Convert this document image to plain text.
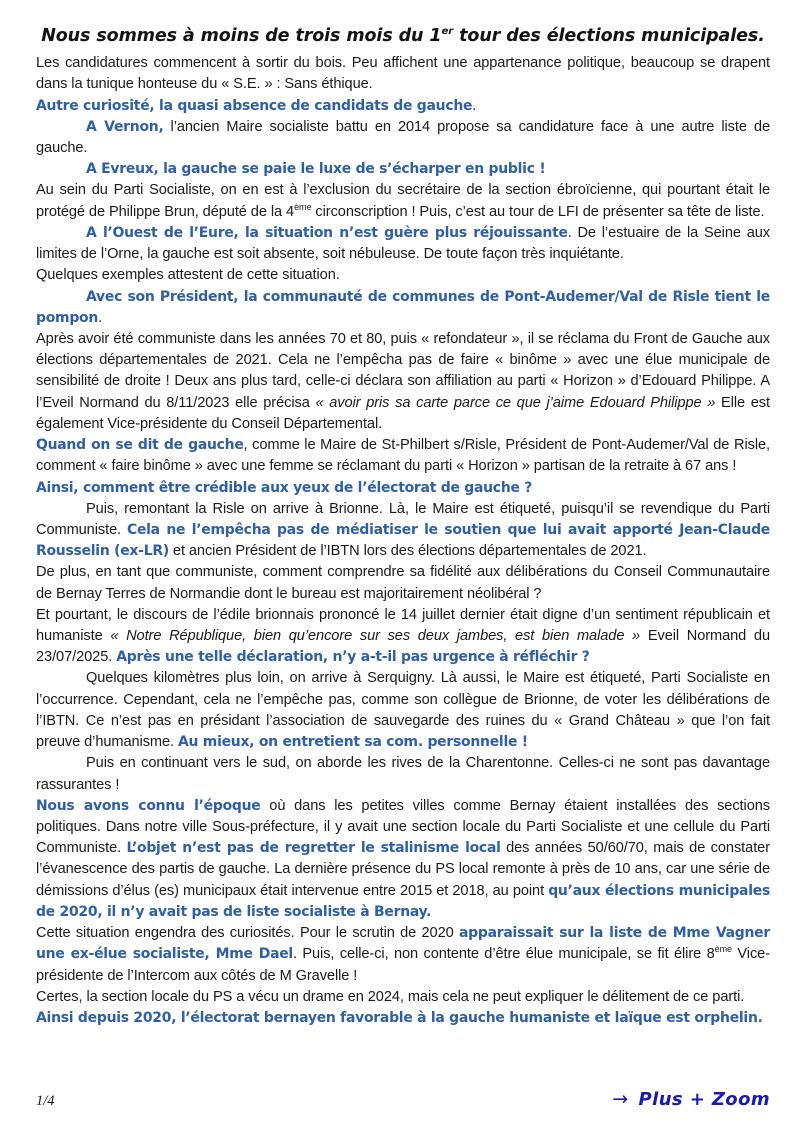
Nous sommes à moins de trois mois du 1er tour des élections municipales.

Les candidatures commencent à sortir du bois. Peu affichent une appartenance politique, beaucoup se drapent dans la tunique honteuse du « S.E. » : Sans éthique.

Autre curiosité, la quasi absence de candidats de gauche.

A Vernon, l’ancien Maire socialiste battu en 2014 propose sa candidature face à une autre liste de gauche.

A Evreux, la gauche se paie le luxe de s’écharper en public !

Au sein du Parti Socialiste, on en est à l’exclusion du secrétaire de la section ébroïcienne, qui pourtant était le protégé de Philippe Brun, député de la 4ème circonscription ! Puis, c’est au tour de LFI de présenter sa tête de liste.

A l’Ouest de l’Eure, la situation n’est guère plus réjouissante. De l’estuaire de la Seine aux limites de l’Orne, la gauche est soit absente, soit nébuleuse. De toute façon très inquiétante.

Quelques exemples attestent de cette situation.

Avec son Président, la communauté de communes de Pont-Audemer/Val de Risle tient le pompon.

Après avoir été communiste dans les années 70 et 80, puis « refondateur », il se réclama du Front de Gauche aux élections départementales de 2021. Cela ne l’empêcha pas de faire « binôme » avec une élue municipale de sensibilité de droite ! Deux ans plus tard, celle-ci déclara son affiliation au parti « Horizon » d’Edouard Philippe. A l’Eveil Normand du 8/11/2023 elle précisa « avoir pris sa carte parce ce que j’aime Edouard Philippe » Elle est également Vice-présidente du Conseil Départemental.

Quand on se dit de gauche, comme le Maire de St-Philbert s/Risle, Président de Pont-Audemer/Val de Risle, comment « faire binôme » avec une femme se réclamant du parti « Horizon » partisan de la retraite à 67 ans !

Ainsi, comment être crédible aux yeux de l’électorat de gauche ?

Puis, remontant la Risle on arrive à Brionne. Là, le Maire est étiqueté, puisqu’il se revendique du Parti Communiste. Cela ne l’empêcha pas de médiatiser le soutien que lui avait apporté Jean-Claude Rousselin (ex-LR) et ancien Président de l’IBTN lors des élections départementales de 2021.

De plus, en tant que communiste, comment comprendre sa fidélité aux délibérations du Conseil Communautaire de Bernay Terres de Normandie dont le bureau est majoritairement néolibéral ?

Et pourtant, le discours de l’édile brionnais prononcé le 14 juillet dernier était digne d’un sentiment républicain et humaniste « Notre République, bien qu’encore sur ses deux jambes, est bien malade » Eveil Normand du 23/07/2025. Après une telle déclaration, n’y a-t-il pas urgence à réfléchir ?

Quelques kilomètres plus loin, on arrive à Serquigny. Là aussi, le Maire est étiqueté, Parti Socialiste en l’occurrence. Cependant, cela ne l’empêche pas, comme son collègue de Brionne, de voter les délibérations de l’IBTN. Ce n’est pas en présidant l’association de sauvegarde des ruines du « Grand Château » que l’on fait preuve d’humanisme. Au mieux, on entretient sa com. personnelle !

Puis en continuant vers le sud, on aborde les rives de la Charentonne. Celles-ci ne sont pas davantage rassurantes !

Nous avons connu l’époque où dans les petites villes comme Bernay étaient installées des sections politiques. Dans notre ville Sous-préfecture, il y avait une section locale du Parti Socialiste et une cellule du Parti Communiste. L’objet n’est pas de regretter le stalinisme local des années 50/60/70, mais de constater l’évanescence des partis de gauche. La dernière présence du PS local remonte à près de 10 ans, car une série de démissions d’élus (es) municipaux était intervenue entre 2015 et 2018, au point qu’aux élections municipales de 2020, il n’y avait pas de liste socialiste à Bernay.

Cette situation engendra des curiosités. Pour le scrutin de 2020 apparaissait sur la liste de Mme Vagner une ex-élue socialiste, Mme Dael. Puis, celle-ci, non contente d’être élue municipale, se fit élire 8ème Vice-présidente de l’Intercom aux côtés de M Gravelle !

Certes, la section locale du PS a vécu un drame en 2024, mais cela ne peut expliquer le délitement de ce parti.

Ainsi depuis 2020, l’électorat bernayen favorable à la gauche humaniste et laïque est orphelin.

1/4	→ Plus + Zoom
